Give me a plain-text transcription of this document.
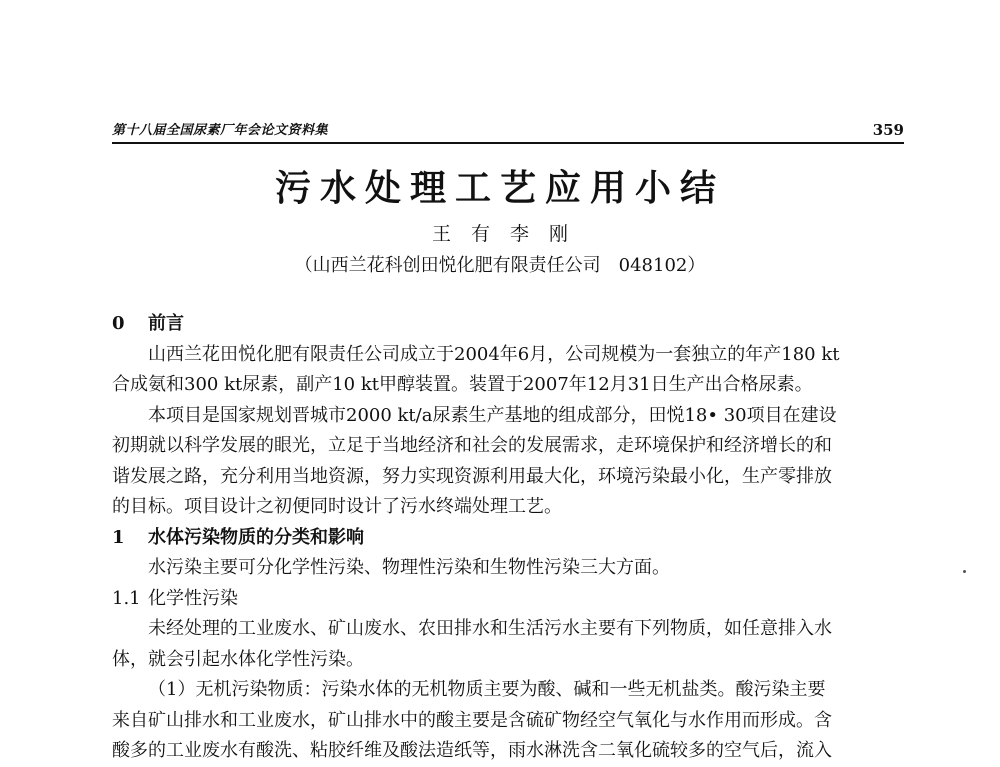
第十八届全国尿素厂年会论文资料集	359
污水处理工艺应用小结
王 有 李 刚
（山西兰花科创田悦化肥有限责任公司　048102）
0 前言
山西兰花田悦化肥有限责任公司成立于2004年6月，公司规模为一套独立的年产180 kt
合成氨和300 kt尿素，副产10 kt甲醇装置。装置于2007年12月31日生产出合格尿素。
本项目是国家规划晋城市2000 kt/a尿素生产基地的组成部分，田悦18• 30项目在建设
初期就以科学发展的眼光，立足于当地经济和社会的发展需求，走环境保护和经济增长的和
谐发展之路，充分利用当地资源，努力实现资源利用最大化，环境污染最小化，生产零排放
的目标。项目设计之初便同时设计了污水终端处理工艺。
1 水体污染物质的分类和影响
水污染主要可分化学性污染、物理性污染和生物性污染三大方面。
1.1 化学性污染
未经处理的工业废水、矿山废水、农田排水和生活污水主要有下列物质，如任意排入水
体，就会引起水体化学性污染。
（1）无机污染物质：污染水体的无机物质主要为酸、碱和一些无机盐类。酸污染主要
来自矿山排水和工业废水，矿山排水中的酸主要是含硫矿物经空气氧化与水作用而形成。含
酸多的工业废水有酸洗、粘胶纤维及酸法造纸等，雨水淋洗含二氧化硫较多的空气后，流入
